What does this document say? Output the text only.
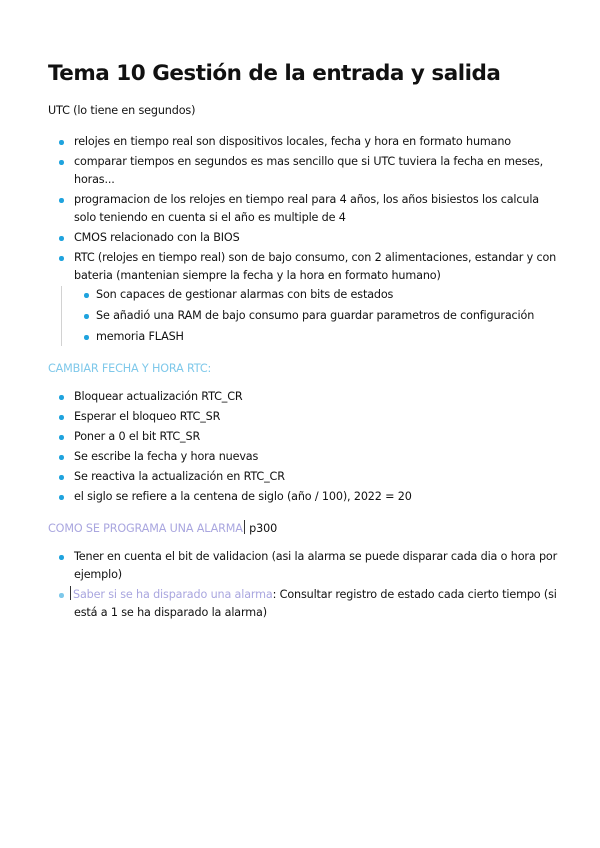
Tema 10 Gestión de la entrada y salida

UTC (lo tiene en segundos)

relojes en tiempo real son dispositivos locales, fecha y hora en formato humano
comparar tiempos en segundos es mas sencillo que si UTC tuviera la fecha en meses, horas...
programacion de los relojes en tiempo real para 4 años, los años bisiestos los calcula solo teniendo en cuenta si el año es multiple de 4
CMOS relacionado con la BIOS
RTC (relojes en tiempo real) son de bajo consumo, con 2 alimentaciones, estandar y con bateria (mantenian siempre la fecha y la hora en formato humano)
Son capaces de gestionar alarmas con bits de estados
Se añadió una RAM de bajo consumo para guardar parametros de configuración
memoria FLASH
CAMBIAR FECHA Y HORA RTC:
Bloquear actualización RTC_CR
Esperar el bloqueo RTC_SR
Poner a 0 el bit RTC_SR
Se escribe la fecha y hora nuevas
Se reactiva la actualización en RTC_CR
el siglo se refiere a la centena de siglo (año / 100), 2022 = 20
COMO SE PROGRAMA UNA ALARMA p300
Tener en cuenta el bit de validacion (asi la alarma se puede disparar cada dia o hora por ejemplo)
Saber si se ha disparado una alarma: Consultar registro de estado cada cierto tiempo (si está a 1 se ha disparado la alarma)
